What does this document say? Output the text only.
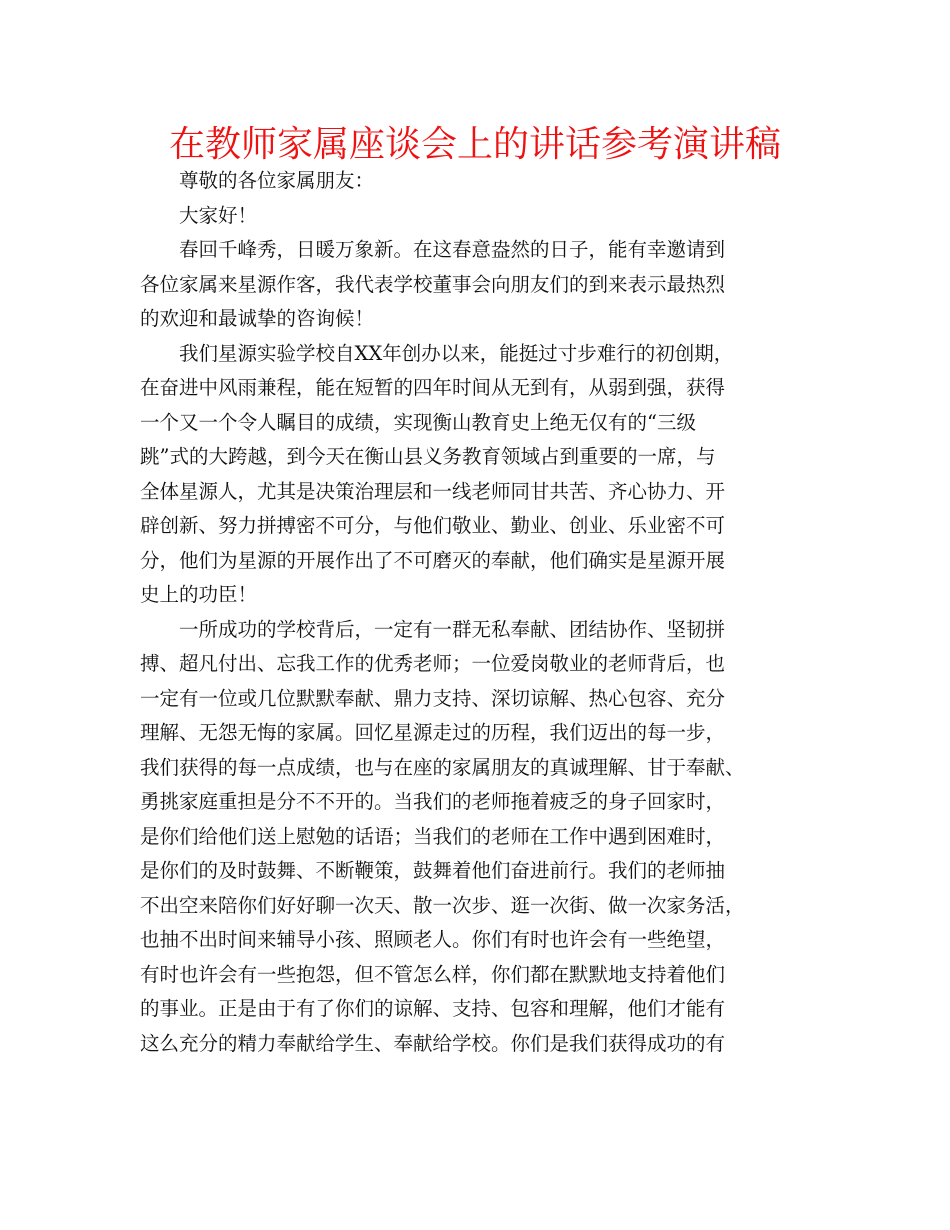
在教师家属座谈会上的讲话参考演讲稿
尊敬的各位家属朋友：
大家好！
春回千峰秀，日暖万象新。在这春意盎然的日子，能有幸邀请到
各位家属来星源作客，我代表学校董事会向朋友们的到来表示最热烈
的欢迎和最诚挚的咨询候！
我们星源实验学校自XX年创办以来，能挺过寸步难行的初创期，
在奋进中风雨兼程，能在短暂的四年时间从无到有，从弱到强，获得
一个又一个令人瞩目的成绩，实现衡山教育史上绝无仅有的“三级
跳”式的大跨越，到今天在衡山县义务教育领域占到重要的一席，与
全体星源人，尤其是决策治理层和一线老师同甘共苦、齐心协力、开
辟创新、努力拼搏密不可分，与他们敬业、勤业、创业、乐业密不可
分，他们为星源的开展作出了不可磨灭的奉献，他们确实是星源开展
史上的功臣！
一所成功的学校背后，一定有一群无私奉献、团结协作、坚韧拼
搏、超凡付出、忘我工作的优秀老师；一位爱岗敬业的老师背后，也
一定有一位或几位默默奉献、鼎力支持、深切谅解、热心包容、充分
理解、无怨无悔的家属。回忆星源走过的历程，我们迈出的每一步，
我们获得的每一点成绩，也与在座的家属朋友的真诚理解、甘于奉献、
勇挑家庭重担是分不不开的。当我们的老师拖着疲乏的身子回家时，
是你们给他们送上慰勉的话语；当我们的老师在工作中遇到困难时，
是你们的及时鼓舞、不断鞭策，鼓舞着他们奋进前行。我们的老师抽
不出空来陪你们好好聊一次天、散一次步、逛一次街、做一次家务活，
也抽不出时间来辅导小孩、照顾老人。你们有时也许会有一些绝望，
有时也许会有一些抱怨，但不管怎么样，你们都在默默地支持着他们
的事业。正是由于有了你们的谅解、支持、包容和理解，他们才能有
这么充分的精力奉献给学生、奉献给学校。你们是我们获得成功的有
